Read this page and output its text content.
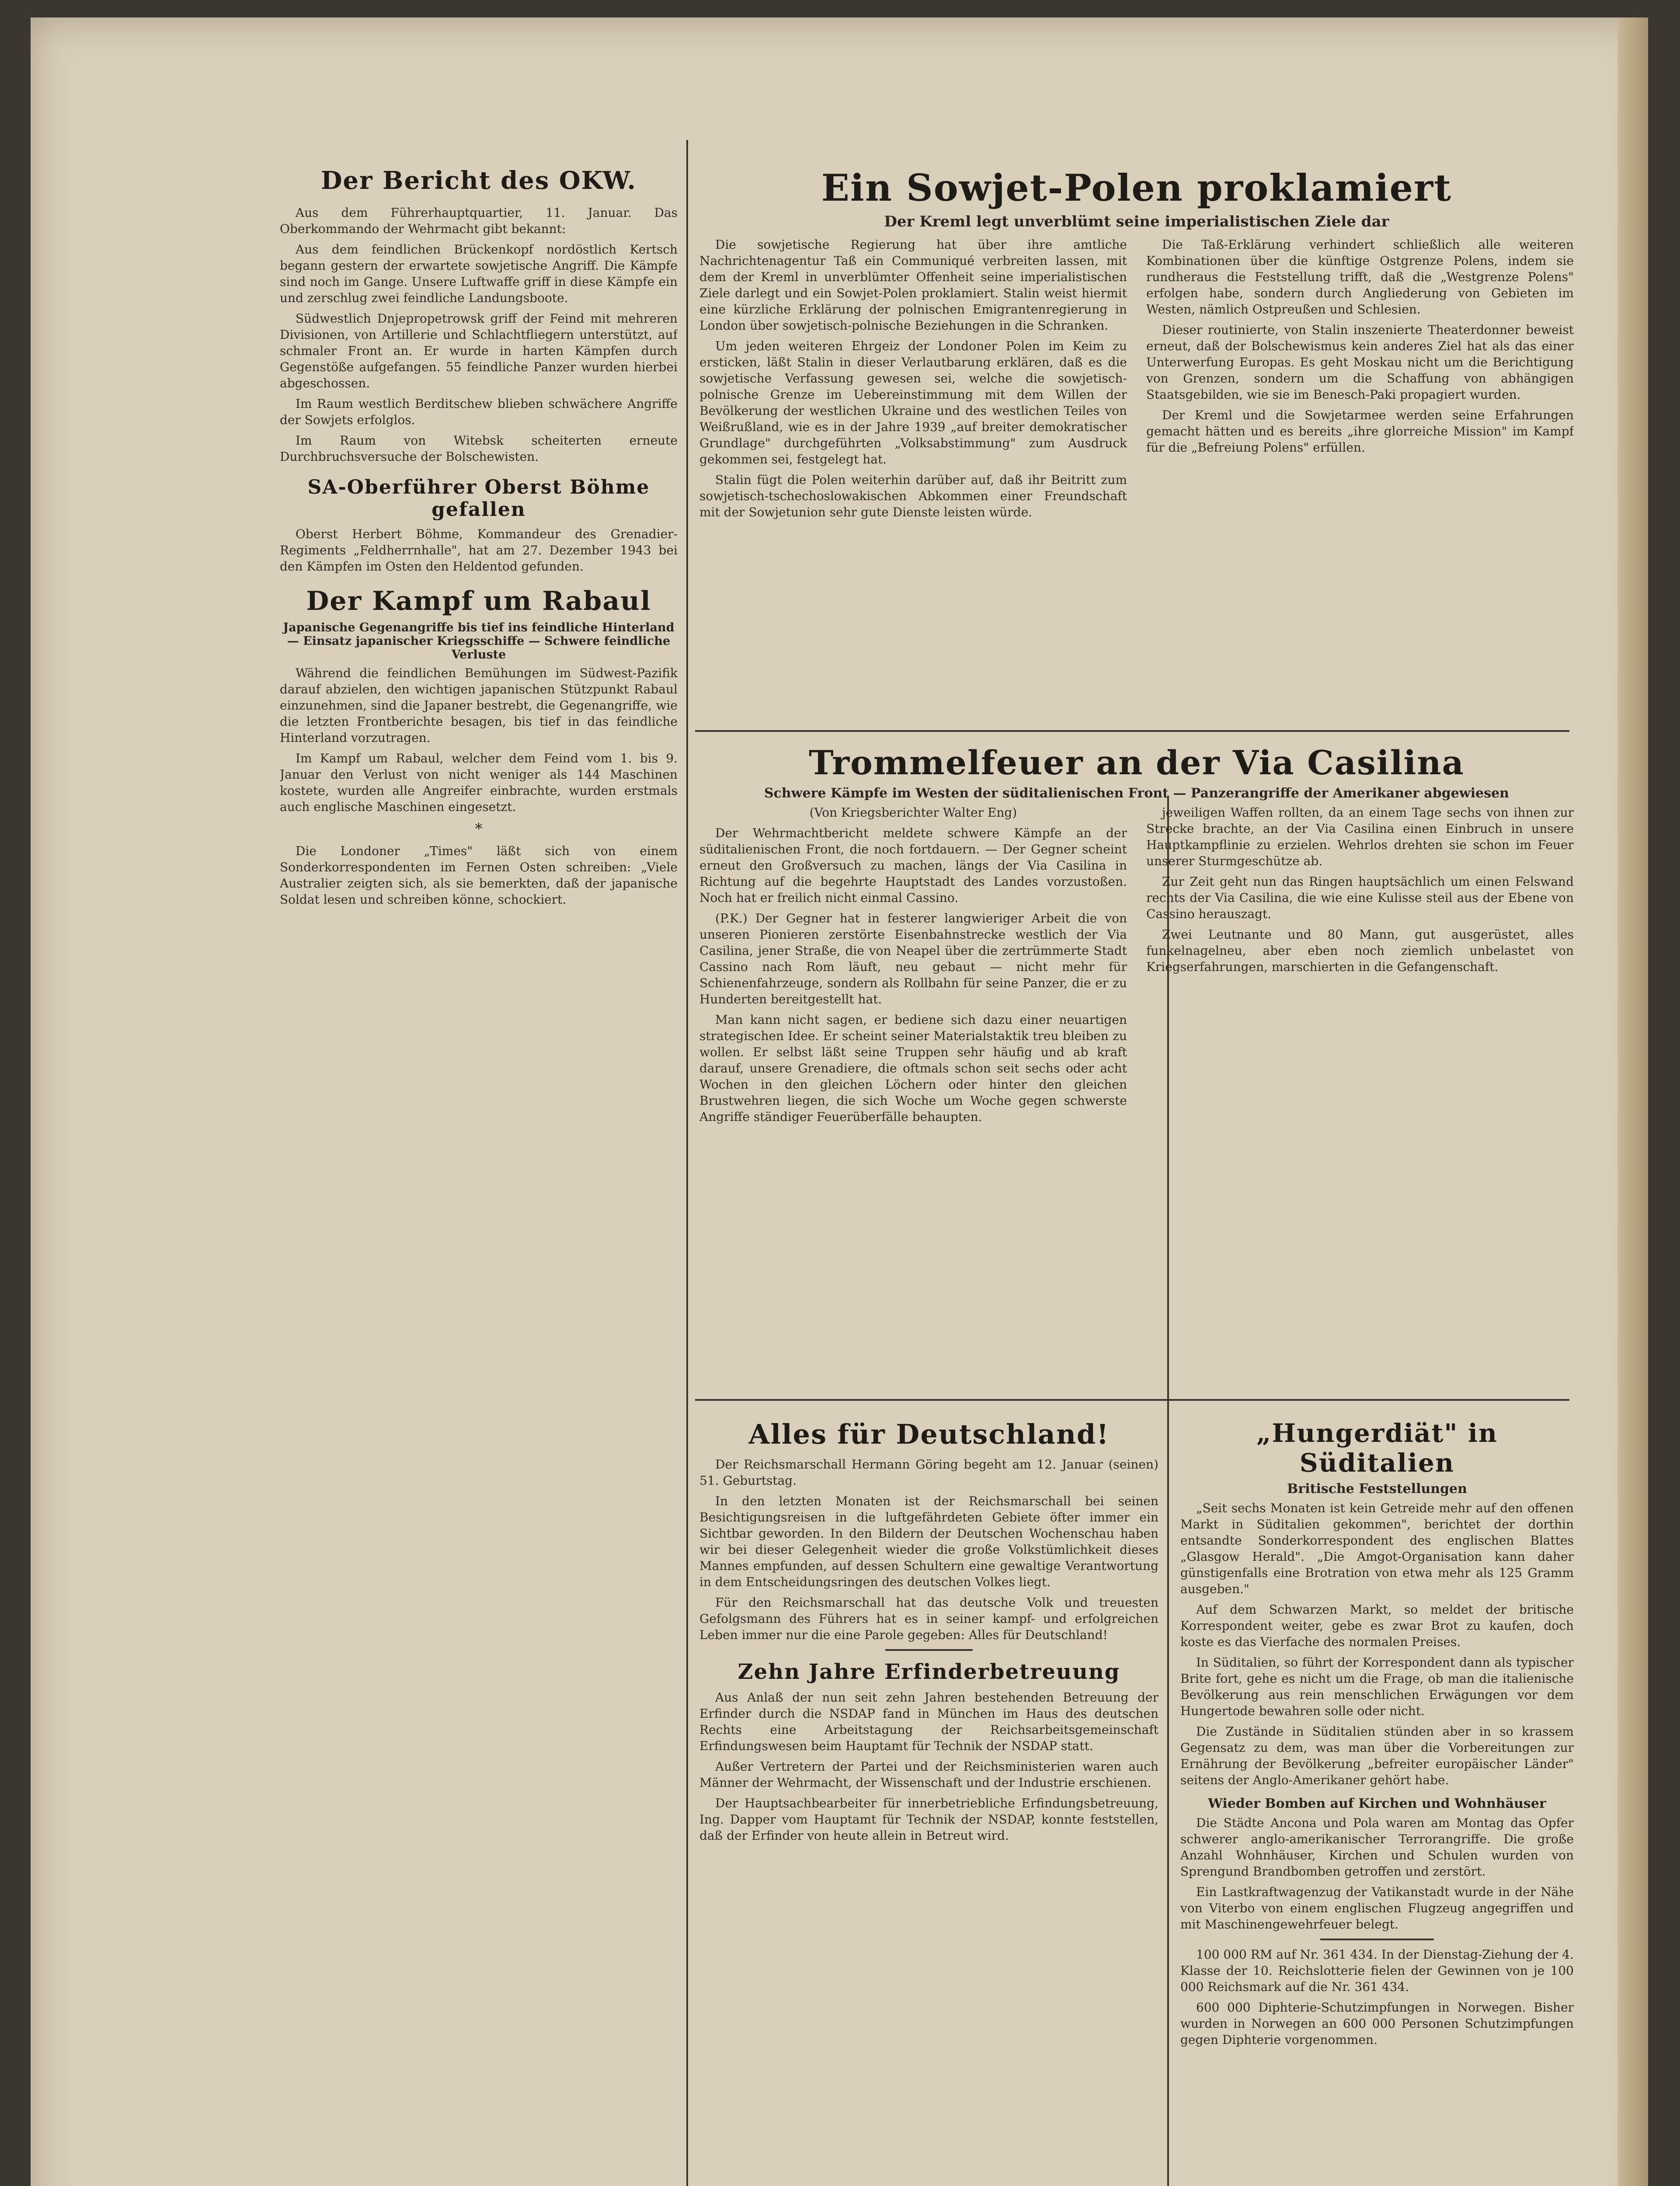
Der Bericht des OKW.

Aus dem Führerhauptquartier, 11. Januar. Das Oberkommando der Wehrmacht gibt bekannt:

Aus dem feindlichen Brückenkopf nordöstlich Kertsch begann gestern der erwartete sowjetische Angriff. Die Kämpfe sind noch im Gange. Unsere Luftwaffe griff in diese Kämpfe ein und zerschlug zwei feindliche Landungsboote.

Südwestlich Dnjepropetrowsk griff der Feind mit mehreren Divisionen, von Artillerie und Schlachtfliegern unterstützt, auf schmaler Front an. Er wurde in harten Kämpfen durch Gegenstöße aufgefangen. 55 feindliche Panzer wurden hierbei abgeschossen.

Im Raum westlich Berditschew blieben schwächere Angriffe der Sowjets erfolglos.

Im Raum von Witebsk scheiterten erneute Durchbruchsversuche der Bolschewisten.

SA-Oberführer Oberst Böhme gefallen

Oberst Herbert Böhme, Kommandeur des Grenadier-Regiments „Feldherrnhalle", hat am 27. Dezember 1943 bei den Kämpfen im Osten den Heldentod gefunden.

Der Kampf um Rabaul

Japanische Gegenangriffe bis tief ins feindliche Hinterland — Einsatz japanischer Kriegsschiffe — Schwere feindliche Verluste

Während die feindlichen Bemühungen im Südwest-Pazifik darauf abzielen, den wichtigen japanischen Stützpunkt Rabaul einzunehmen, sind die Japaner bestrebt, die Gegenangriffe, wie die letzten Frontberichte besagen, bis tief in das feindliche Hinterland vorzutragen.

Im Kampf um Rabaul, welcher dem Feind vom 1. bis 9. Januar den Verlust von nicht weniger als 144 Maschinen kostete, wurden alle Angreifer einbrachte, wurden erstmals auch englische Maschinen eingesetzt.

*

Die Londoner „Times" läßt sich von einem Sonderkorrespondenten im Fernen Osten schreiben: „Viele Australier zeigten sich, als sie bemerkten, daß der japanische Soldat lesen und schreiben könne, schockiert.

Ein Sowjet-Polen proklamiert

Der Kreml legt unverblümt seine imperialistischen Ziele dar

Die sowjetische Regierung hat über ihre amtliche Nachrichtenagentur Taß ein Communiqué verbreiten lassen, mit dem der Kreml in unverblümter Offenheit seine imperialistischen Ziele darlegt und ein Sowjet-Polen proklamiert. Stalin weist hiermit eine kürzliche Erklärung der polnischen Emigrantenregierung in London über sowjetisch-polnische Beziehungen in die Schranken.

Um jeden weiteren Ehrgeiz der Londoner Polen im Keim zu ersticken, läßt Stalin in dieser Verlautbarung erklären, daß es die sowjetische Verfassung gewesen sei, welche die sowjetisch-polnische Grenze im Uebereinstimmung mit dem Willen der Bevölkerung der westlichen Ukraine und des westlichen Teiles von Weißrußland, wie es in der Jahre 1939 „auf breiter demokratischer Grundlage" durchgeführten „Volksabstimmung" zum Ausdruck gekommen sei, festgelegt hat.

Stalin fügt die Polen weiterhin darüber auf, daß ihr Beitritt zum sowjetisch-tschechoslowakischen Abkommen einer Freundschaft mit der Sowjetunion sehr gute Dienste leisten würde.

Die Taß-Erklärung verhindert schließlich alle weiteren Kombinationen über die künftige Ostgrenze Polens, indem sie rundheraus die Feststellung trifft, daß die „Westgrenze Polens" erfolgen habe, sondern durch Angliederung von Gebieten im Westen, nämlich Ostpreußen und Schlesien.

Dieser routinierte, von Stalin inszenierte Theaterdonner beweist erneut, daß der Bolschewismus kein anderes Ziel hat als das einer Unterwerfung Europas. Es geht Moskau nicht um die Berichtigung von Grenzen, sondern um die Schaffung von abhängigen Staatsgebilden, wie sie im Benesch-Paki propagiert wurden.

Der Kreml und die Sowjetarmee werden seine Erfahrungen gemacht hätten und es bereits „ihre glorreiche Mission" im Kampf für die „Befreiung Polens" erfüllen.

Trommelfeuer an der Via Casilina

Schwere Kämpfe im Westen der süditalienischen Front — Panzerangriffe der Amerikaner abgewiesen

(Von Kriegsberichter Walter Eng)

Der Wehrmachtbericht meldete schwere Kämpfe an der süditalienischen Front, die noch fortdauern. — Der Gegner scheint erneut den Großversuch zu machen, längs der Via Casilina in Richtung auf die begehrte Hauptstadt des Landes vorzustoßen. Noch hat er freilich nicht einmal Cassino.

(P.K.) Der Gegner hat in festerer langwieriger Arbeit die von unseren Pionieren zerstörte Eisenbahnstrecke westlich der Via Casilina, jener Straße, die von Neapel über die zertrümmerte Stadt Cassino nach Rom läuft, neu gebaut — nicht mehr für Schienenfahrzeuge, sondern als Rollbahn für seine Panzer, die er zu Hunderten bereitgestellt hat.

Man kann nicht sagen, er bediene sich dazu einer neuartigen strategischen Idee. Er scheint seiner Materialstaktik treu bleiben zu wollen. Er selbst läßt seine Truppen sehr häufig und ab kraft darauf, unsere Grenadiere, die oftmals schon seit sechs oder acht Wochen in den gleichen Löchern oder hinter den gleichen Brustwehren liegen, die sich Woche um Woche gegen schwerste Angriffe ständiger Feuerüberfälle behaupten.

jeweiligen Waffen rollten, da an einem Tage sechs von ihnen zur Strecke brachte, an der Via Casilina einen Einbruch in unsere Hauptkampflinie zu erzielen. Wehrlos drehten sie schon im Feuer unserer Sturmgeschütze ab.

Zur Zeit geht nun das Ringen hauptsächlich um einen Felswand rechts der Via Casilina, die wie eine Kulisse steil aus der Ebene von Cassino herauszagt.

Zwei Leutnante und 80 Mann, gut ausgerüstet, alles funkelnagelneu, aber eben noch ziemlich unbelastet von Kriegserfahrungen, marschierten in die Gefangenschaft.

Alles für Deutschland!

Der Reichsmarschall Hermann Göring begeht am 12. Januar (seinen) 51. Geburtstag.

In den letzten Monaten ist der Reichsmarschall bei seinen Besichtigungsreisen in die luftgefährdeten Gebiete öfter immer ein Sichtbar geworden. In den Bildern der Deutschen Wochenschau haben wir bei dieser Gelegenheit wieder die große Volkstümlichkeit dieses Mannes empfunden, auf dessen Schultern eine gewaltige Verantwortung in dem Entscheidungsringen des deutschen Volkes liegt.

Für den Reichsmarschall hat das deutsche Volk und treuesten Gefolgsmann des Führers hat es in seiner kampf- und erfolgreichen Leben immer nur die eine Parole gegeben: Alles für Deutschland!

Zehn Jahre Erfinderbetreuung

Aus Anlaß der nun seit zehn Jahren bestehenden Betreuung der Erfinder durch die NSDAP fand in München im Haus des deutschen Rechts eine Arbeitstagung der Reichsarbeitsgemeinschaft Erfindungswesen beim Hauptamt für Technik der NSDAP statt.

Außer Vertretern der Partei und der Reichsministerien waren auch Männer der Wehrmacht, der Wissenschaft und der Industrie erschienen.

Der Hauptsachbearbeiter für innerbetriebliche Erfindungsbetreuung, Ing. Dapper vom Hauptamt für Technik der NSDAP, konnte feststellen, daß der Erfinder von heute allein in Betreut wird.

„Hungerdiät" in Süditalien

Britische Feststellungen

„Seit sechs Monaten ist kein Getreide mehr auf den offenen Markt in Süditalien gekommen", berichtet der dorthin entsandte Sonderkorrespondent des englischen Blattes „Glasgow Herald". „Die Amgot-Organisation kann daher günstigenfalls eine Brotration von etwa mehr als 125 Gramm ausgeben."

Auf dem Schwarzen Markt, so meldet der britische Korrespondent weiter, gebe es zwar Brot zu kaufen, doch koste es das Vierfache des normalen Preises.

In Süditalien, so führt der Korrespondent dann als typischer Brite fort, gehe es nicht um die Frage, ob man die italienische Bevölkerung aus rein menschlichen Erwägungen vor dem Hungertode bewahren solle oder nicht.

Die Zustände in Süditalien stünden aber in so krassem Gegensatz zu dem, was man über die Vorbereitungen zur Ernährung der Bevölkerung „befreiter europäischer Länder" seitens der Anglo-Amerikaner gehört habe.

Wieder Bomben auf Kirchen und Wohnhäuser

Die Städte Ancona und Pola waren am Montag das Opfer schwerer anglo-amerikanischer Terrorangriffe. Die große Anzahl Wohnhäuser, Kirchen und Schulen wurden von Sprengund Brandbomben getroffen und zerstört.

Ein Lastkraftwagenzug der Vatikanstadt wurde in der Nähe von Viterbo von einem englischen Flugzeug angegriffen und mit Maschinengewehrfeuer belegt.

100 000 RM auf Nr. 361 434. In der Dienstag-Ziehung der 4. Klasse der 10. Reichslotterie fielen der Gewinnen von je 100 000 Reichsmark auf die Nr. 361 434.

600 000 Diphterie-Schutzimpfungen in Norwegen. Bisher wurden in Norwegen an 600 000 Personen Schutzimpfungen gegen Diphterie vorgenommen.
